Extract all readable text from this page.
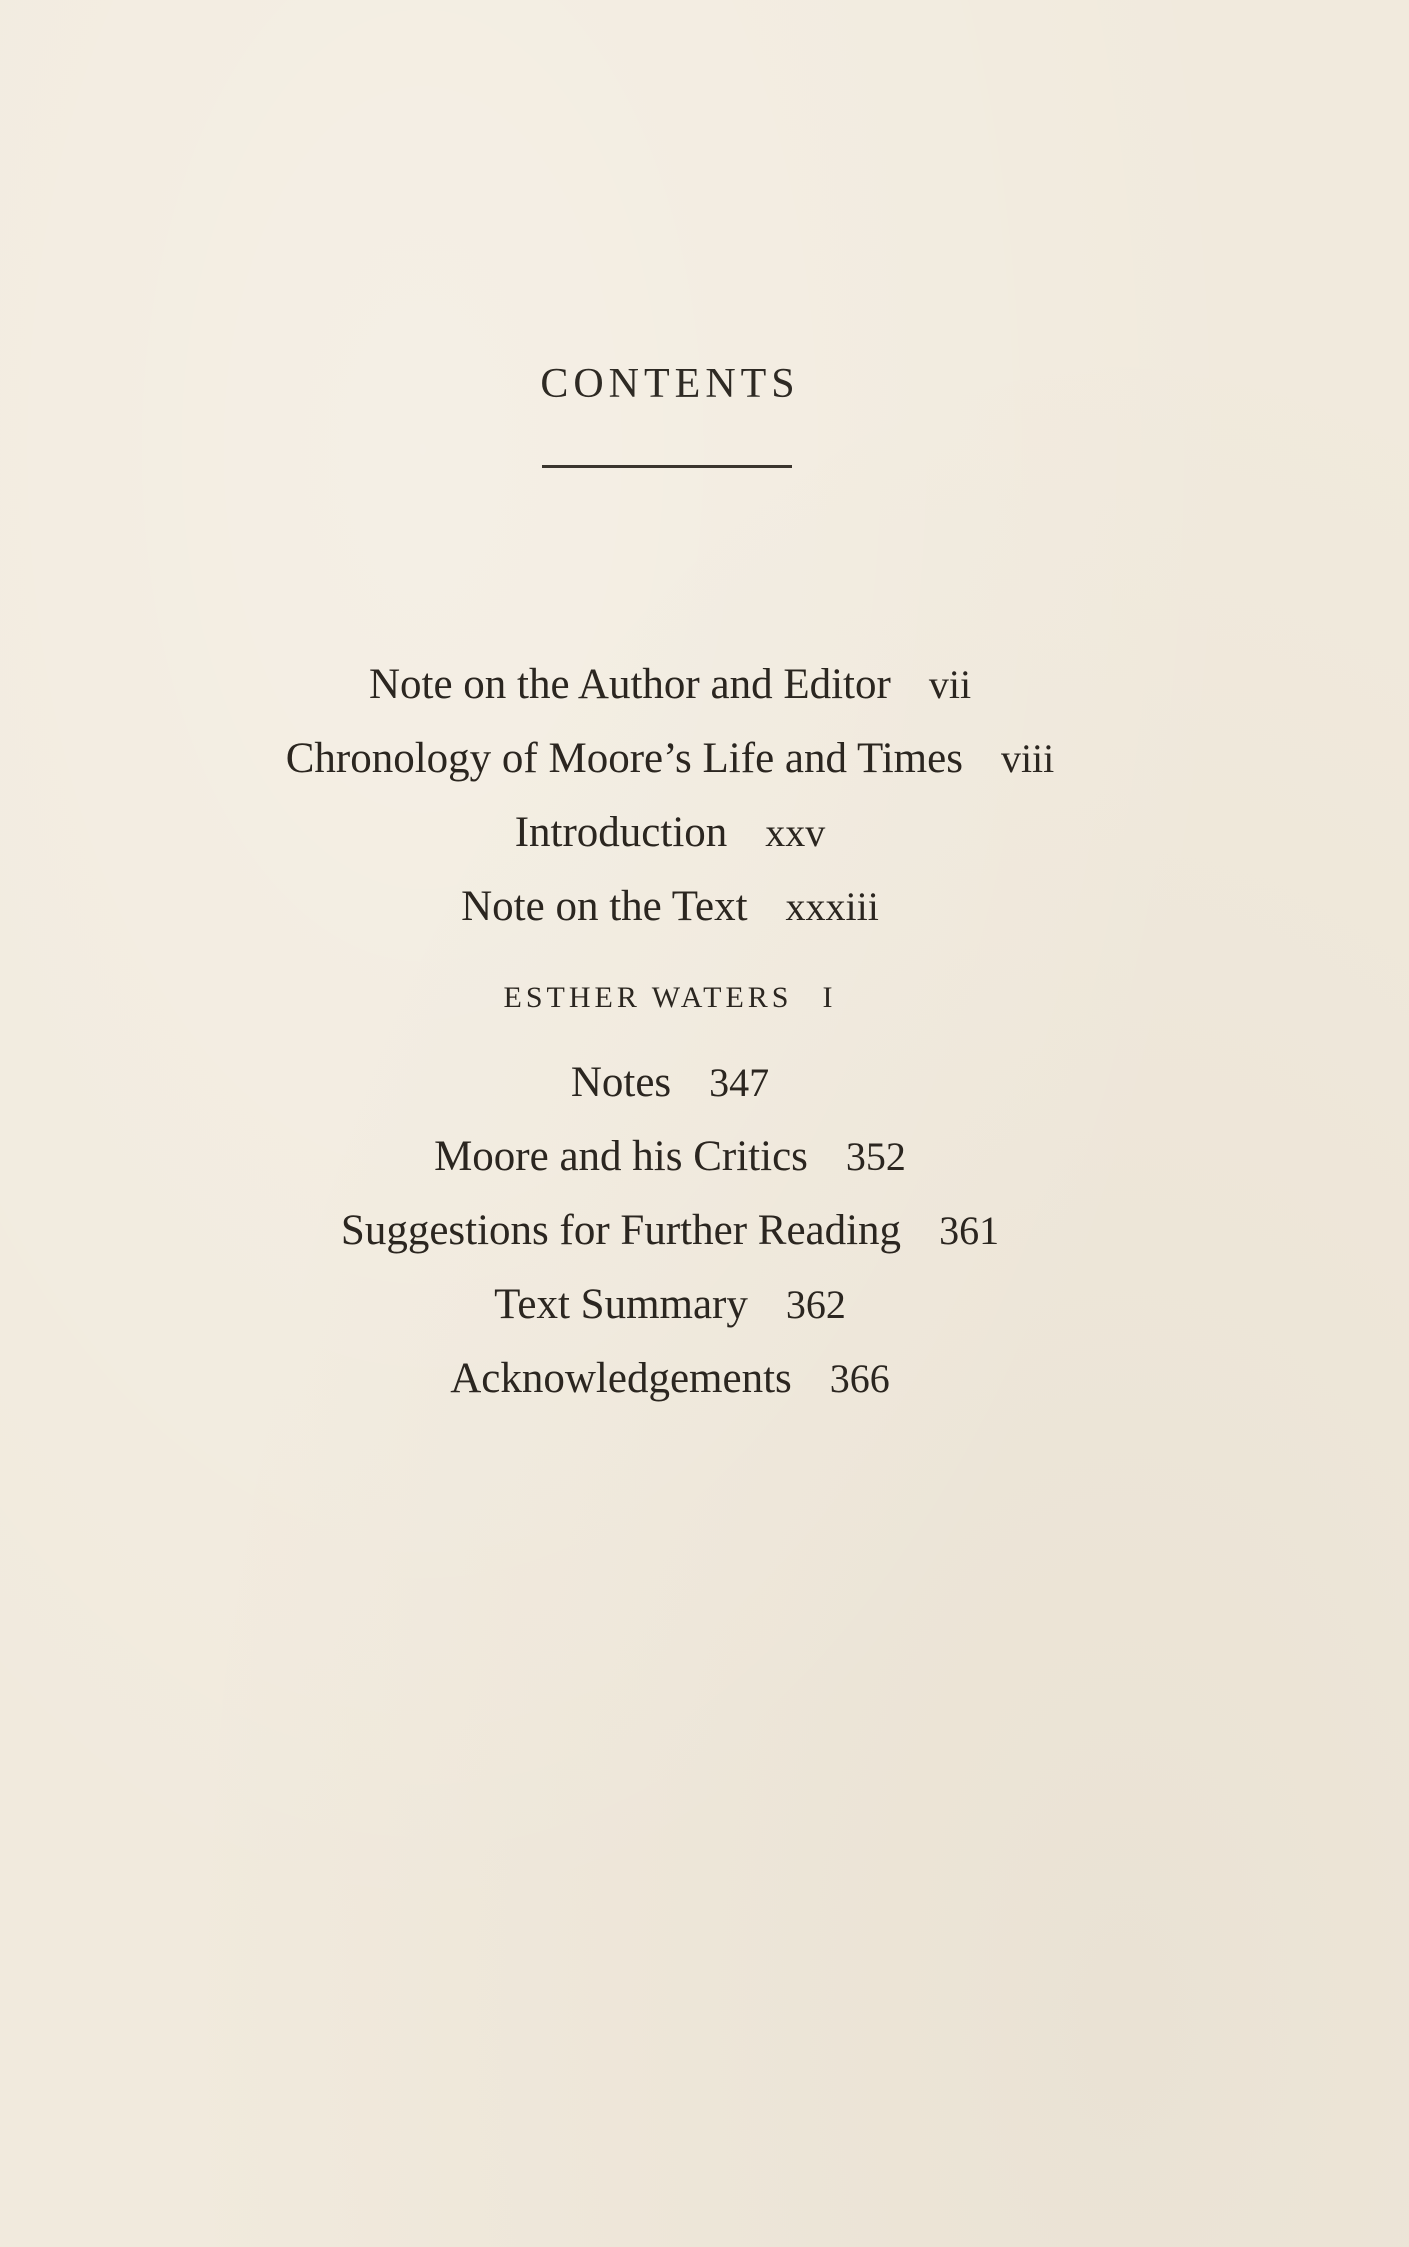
CONTENTS
Note on the Author and Editor vii
Chronology of Moore’s Life and Times viii
Introduction xxv
Note on the Text xxxiii
ESTHER WATERS I
Notes 347
Moore and his Critics 352
Suggestions for Further Reading 361
Text Summary 362
Acknowledgements 366
